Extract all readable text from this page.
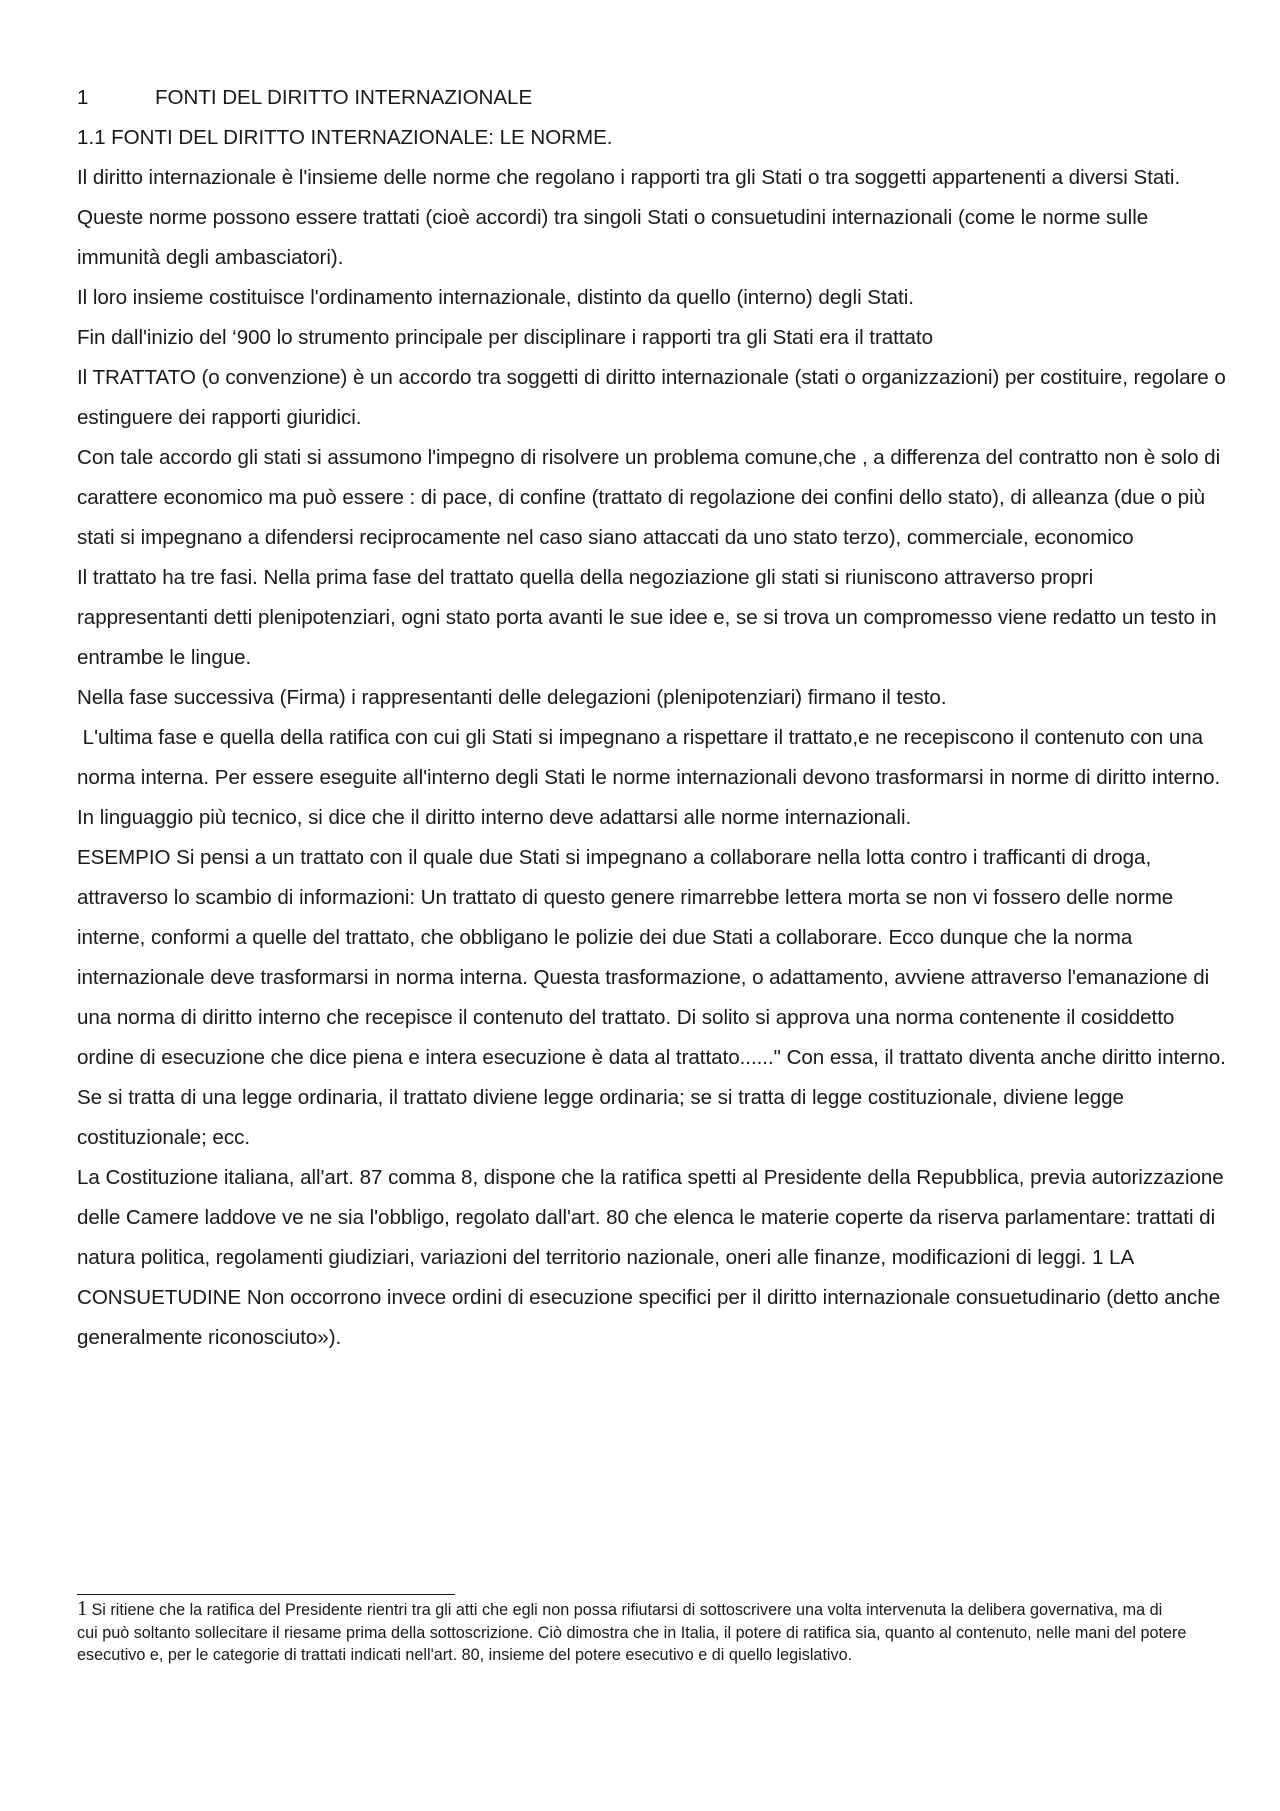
1	FONTI DEL DIRITTO INTERNAZIONALE

1.1 FONTI DEL DIRITTO INTERNAZIONALE: LE NORME.

Il diritto internazionale è l'insieme delle norme che regolano i rapporti tra gli Stati o tra soggetti appartenenti a diversi Stati.

Queste norme possono essere trattati (cioè accordi) tra singoli Stati o consuetudini internazionali (come le norme sulle immunità degli ambasciatori).

Il loro insieme costituisce l'ordinamento internazionale, distinto da quello (interno) degli Stati.

Fin dall'inizio del ‘900 lo strumento principale per disciplinare i rapporti tra gli Stati era il trattato

Il TRATTATO (o convenzione) è un accordo tra soggetti di diritto internazionale (stati o organizzazioni) per costituire, regolare o estinguere dei rapporti giuridici.

Con tale accordo gli stati si assumono l'impegno di risolvere un problema comune,che , a differenza del contratto non è solo di carattere economico ma può essere : di pace, di confine (trattato di regolazione dei confini dello stato), di alleanza (due o più stati si impegnano a difendersi reciprocamente nel caso siano attaccati da uno stato terzo), commerciale, economico

Il trattato ha tre fasi. Nella prima fase del trattato quella della negoziazione gli stati si riuniscono attraverso propri rappresentanti detti plenipotenziari, ogni stato porta avanti le sue idee e, se si trova un compromesso viene redatto un testo in entrambe le lingue.

Nella fase successiva (Firma) i rappresentanti delle delegazioni (plenipotenziari) firmano il testo.

L'ultima fase e quella della ratifica con cui gli Stati si impegnano a rispettare il trattato,e ne recepiscono il contenuto con una norma interna. Per essere eseguite all'interno degli Stati le norme internazionali devono trasformarsi in norme di diritto interno. In linguaggio più tecnico, si dice che il diritto interno deve adattarsi alle norme internazionali.

ESEMPIO Si pensi a un trattato con il quale due Stati si impegnano a collaborare nella lotta contro i trafficanti di droga, attraverso lo scambio di informazioni: Un trattato di questo genere rimarrebbe lettera morta se non vi fossero delle norme interne, conformi a quelle del trattato, che obbligano le polizie dei due Stati a collaborare. Ecco dunque che la norma internazionale deve trasformarsi in norma interna. Questa trasformazione, o adattamento, avviene attraverso l'emanazione di una norma di diritto interno che recepisce il contenuto del trattato. Di solito si approva una norma contenente il cosiddetto ordine di esecuzione che dice piena e intera esecuzione è data al trattato......" Con essa, il trattato diventa anche diritto interno. Se si tratta di una legge ordinaria, il trattato diviene legge ordinaria; se si tratta di legge costituzionale, diviene legge costituzionale; ecc.

La Costituzione italiana, all'art. 87 comma 8, dispone che la ratifica spetti al Presidente della Repubblica, previa autorizzazione delle Camere laddove ve ne sia l'obbligo, regolato dall'art. 80 che elenca le materie coperte da riserva parlamentare: trattati di natura politica, regolamenti giudiziari, variazioni del territorio nazionale, oneri alle finanze, modificazioni di leggi. 1 LA CONSUETUDINE Non occorrono invece ordini di esecuzione specifici per il diritto internazionale consuetudinario (detto anche generalmente riconosciuto»).

1 Si ritiene che la ratifica del Presidente rientri tra gli atti che egli non possa rifiutarsi di sottoscrivere una volta intervenuta la delibera governativa, ma di cui può soltanto sollecitare il riesame prima della sottoscrizione. Ciò dimostra che in Italia, il potere di ratifica sia, quanto al contenuto, nelle mani del potere esecutivo e, per le categorie di trattati indicati nell'art. 80, insieme del potere esecutivo e di quello legislativo.
